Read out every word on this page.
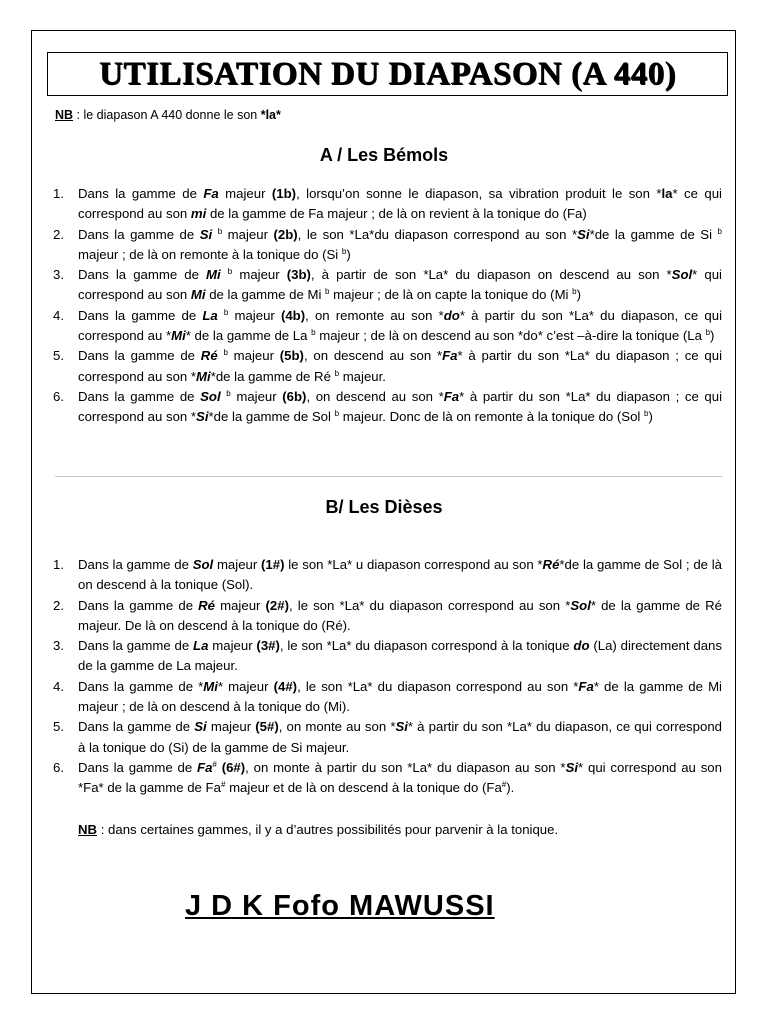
UTILISATION DU DIAPASON (A 440)
NB : le diapason A 440 donne le son *la*
A / Les Bémols
1. Dans la gamme de Fa majeur (1b), lorsqu’on sonne le diapason, sa vibration produit le son *la* ce qui correspond au son mi de la gamme de Fa majeur ; de là on revient à la tonique do (Fa)
2. Dans la gamme de Si $^b$ majeur (2b), le son *La*du diapason correspond au son *Si*de la gamme de Si $^b$ majeur ; de là on remonte à la tonique do (Si $^b$)
3. Dans la gamme de Mi $^b$ majeur (3b), à partir de son *La* du diapason on descend au son *Sol* qui correspond au son Mi de la gamme de Mi $^b$ majeur ; de là on capte la tonique do (Mi $^b$)
4. Dans la gamme de La $^b$ majeur (4b), on remonte au son *do* à partir du son *La* du diapason, ce qui correspond au *Mi* de la gamme de La $^b$ majeur ; de là on descend au son *do* c’est –à-dire la tonique (La $^b$)
5. Dans la gamme de Ré $^b$ majeur (5b), on descend au son *Fa* à partir du son *La* du diapason ; ce qui correspond au son *Mi*de la gamme de Ré $^b$ majeur.
6. Dans la gamme de Sol $^b$ majeur (6b), on descend au son *Fa* à partir du son *La* du diapason ; ce qui correspond au son *Si*de la gamme de Sol $^b$ majeur. Donc de là on remonte à la tonique do (Sol $^b$)
B/ Les Dièses
1. Dans la gamme de Sol majeur (1#) le son *La* u diapason correspond au son *Ré*de la gamme de Sol ; de là on descend à la tonique (Sol).
2. Dans la gamme de Ré majeur (2#), le son *La* du diapason correspond au son *Sol* de la gamme de Ré majeur. De là on descend à la tonique do (Ré).
3. Dans la gamme de La majeur (3#), le son *La* du diapason correspond à la tonique do (La) directement dans de la gamme de La majeur.
4. Dans la gamme de *Mi* majeur (4#), le son *La* du diapason correspond au son *Fa* de la gamme de Mi majeur ; de là on descend à la tonique do (Mi).
5. Dans la gamme de Si majeur (5#), on monte au son *Si* à partir du son *La* du diapason, ce qui correspond à la tonique do (Si) de la gamme de Si majeur.
6. Dans la gamme de Fa# (6#), on monte à partir du son *La* du diapason au son *Si* qui correspond au son *Fa* de la gamme de Fa# majeur et de là on descend à la tonique do (Fa#).
NB : dans certaines gammes, il y a d’autres possibilités pour parvenir à la tonique.
J D K Fofo MAWUSSI
